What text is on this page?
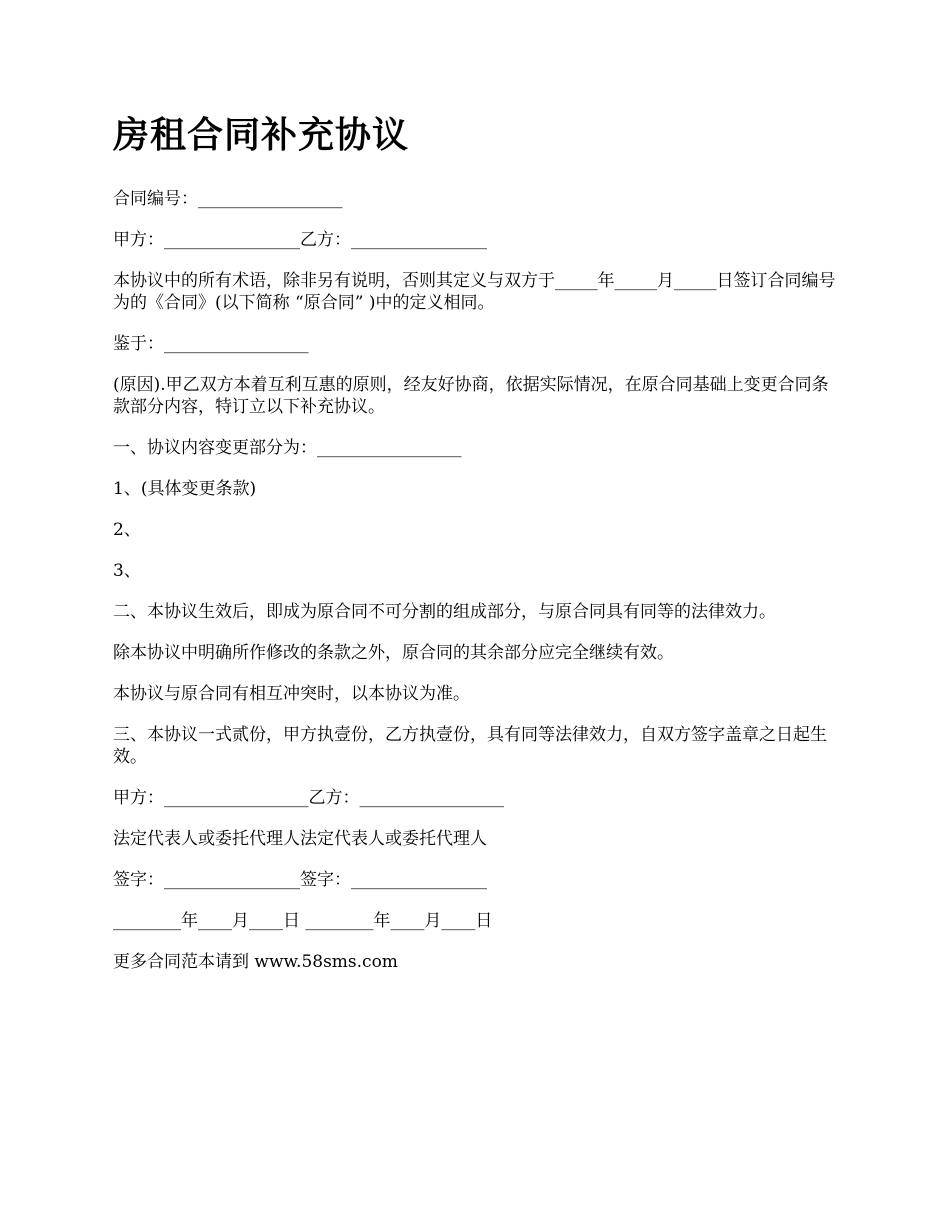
房租合同补充协议

合同编号：_________________

甲方：________________乙方：________________

本协议中的所有术语，除非另有说明，否则其定义与双方于_____年_____月_____日签订合同编号为的《合同》(以下简称 “原合同” )中的定义相同。

鉴于：_________________

(原因).甲乙双方本着互利互惠的原则，经友好协商，依据实际情况，在原合同基础上变更合同条款部分内容，特订立以下补充协议。

一、协议内容变更部分为：_________________

1、(具体变更条款)

2、

3、

二、本协议生效后，即成为原合同不可分割的组成部分，与原合同具有同等的法律效力。

除本协议中明确所作修改的条款之外，原合同的其余部分应完全继续有效。

本协议与原合同有相互冲突时，以本协议为准。

三、本协议一式贰份，甲方执壹份，乙方执壹份，具有同等法律效力，自双方签字盖章之日起生效。

甲方：_________________乙方：_________________

法定代表人或委托代理人法定代表人或委托代理人

签字：________________签字：________________

________年____月____日 ________年____月____日

更多合同范本请到 www.58sms.com
